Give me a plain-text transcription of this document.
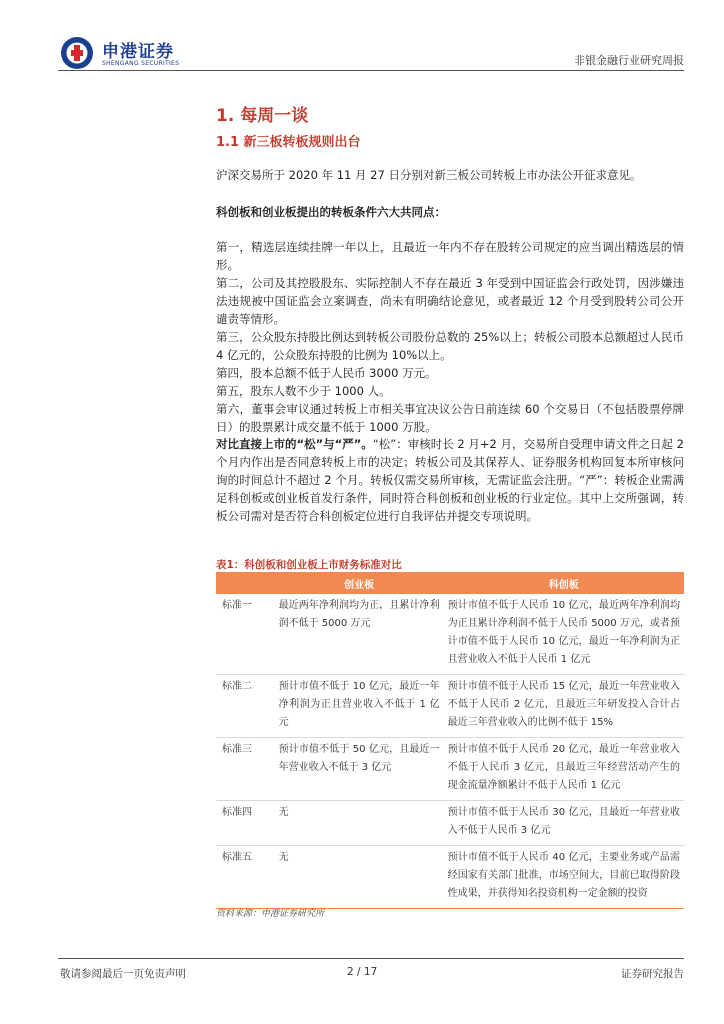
申港证券
SHENGANG SECURITIES	非银金融行业研究周报
1. 每周一谈
1.1 新三板转板规则出台
沪深交易所于 2020 年 11 月 27 日分别对新三板公司转板上市办法公开征求意见。
科创板和创业板提出的转板条件六大共同点：
第一，精选层连续挂牌一年以上，且最近一年内不存在股转公司规定的应当调出精选层的情形。
第二，公司及其控股股东、实际控制人不存在最近 3 年受到中国证监会行政处罚，因涉嫌违法违规被中国证监会立案调查，尚未有明确结论意见，或者最近 12 个月受到股转公司公开谴责等情形。
第三，公众股东持股比例达到转板公司股份总数的 25%以上；转板公司股本总额超过人民币 4 亿元的，公众股东持股的比例为 10%以上。
第四，股本总额不低于人民币 3000 万元。
第五，股东人数不少于 1000 人。
第六，董事会审议通过转板上市相关事宜决议公告日前连续 60 个交易日（不包括股票停牌日）的股票累计成交量不低于 1000 万股。
对比直接上市的“松”与“严”。“松”：审核时长 2 月+2 月，交易所自受理申请文件之日起 2 个月内作出是否同意转板上市的决定；转板公司及其保荐人、证券服务机构回复本所审核问询的时间总计不超过 2 个月。转板仅需交易所审核，无需证监会注册。“严”：转板企业需满足科创板或创业板首发行条件，同时符合科创板和创业板的行业定位。其中上交所强调，转板公司需对是否符合科创板定位进行自我评估并提交专项说明。
表1：科创板和创业板上市财务标准对比
	创业板	科创板
标准一	最近两年净利润均为正，且累计净利润不低于 5000 万元	预计市值不低于人民币 10 亿元，最近两年净利润均为正且累计净利润不低于人民币 5000 万元，或者预计市值不低于人民币 10 亿元，最近一年净利润为正且营业收入不低于人民币 1 亿元
标准二	预计市值不低于 10 亿元，最近一年净利润为正且营业收入不低于 1 亿元	预计市值不低于人民币 15 亿元，最近一年营业收入不低于人民币 2 亿元，且最近三年研发投入合计占最近三年营业收入的比例不低于 15%
标准三	预计市值不低于 50 亿元，且最近一年营业收入不低于 3 亿元	预计市值不低于人民币 20 亿元，最近一年营业收入不低于人民币 3 亿元，且最近三年经营活动产生的现金流量净额累计不低于人民币 1 亿元
标准四	无	预计市值不低于人民币 30 亿元，且最近一年营业收入不低于人民币 3 亿元
标准五	无	预计市值不低于人民币 40 亿元，主要业务或产品需经国家有关部门批准，市场空间大，目前已取得阶段性成果，并获得知名投资机构一定金额的投资
资料来源：申港证券研究所
敬请参阅最后一页免责声明	2 / 17	证券研究报告
